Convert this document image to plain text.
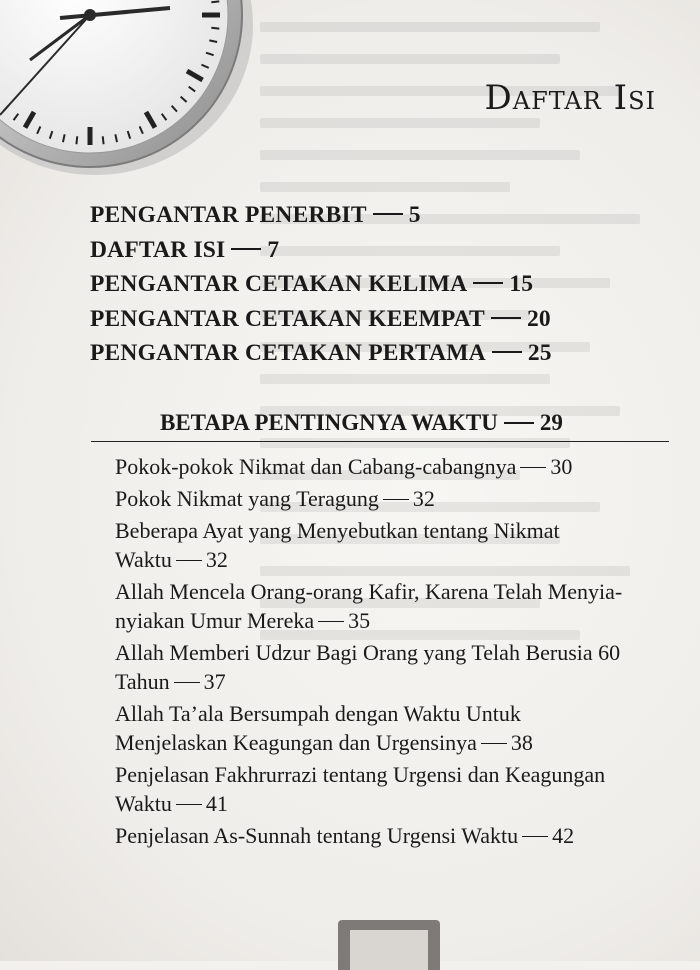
Daftar Isi
PENGANTAR PENERBIT 5
DAFTAR ISI 7
PENGANTAR CETAKAN KELIMA 15
PENGANTAR CETAKAN KEEMPAT 20
PENGANTAR CETAKAN PERTAMA 25
BETAPA PENTINGNYA WAKTU 29
Pokok-pokok Nikmat dan Cabang-cabangnya 30
Pokok Nikmat yang Teragung 32
Beberapa Ayat yang Menyebutkan tentang Nikmat
Waktu 32
Allah Mencela Orang-orang Kafir, Karena Telah Menyia-
nyiakan Umur Mereka 35
Allah Memberi Udzur Bagi Orang yang Telah Berusia 60
Tahun 37
Allah Ta’ala Bersumpah dengan Waktu Untuk
Menjelaskan Keagungan dan Urgensinya 38
Penjelasan Fakhrurrazi tentang Urgensi dan Keagungan
Waktu 41
Penjelasan As-Sunnah tentang Urgensi Waktu 42
